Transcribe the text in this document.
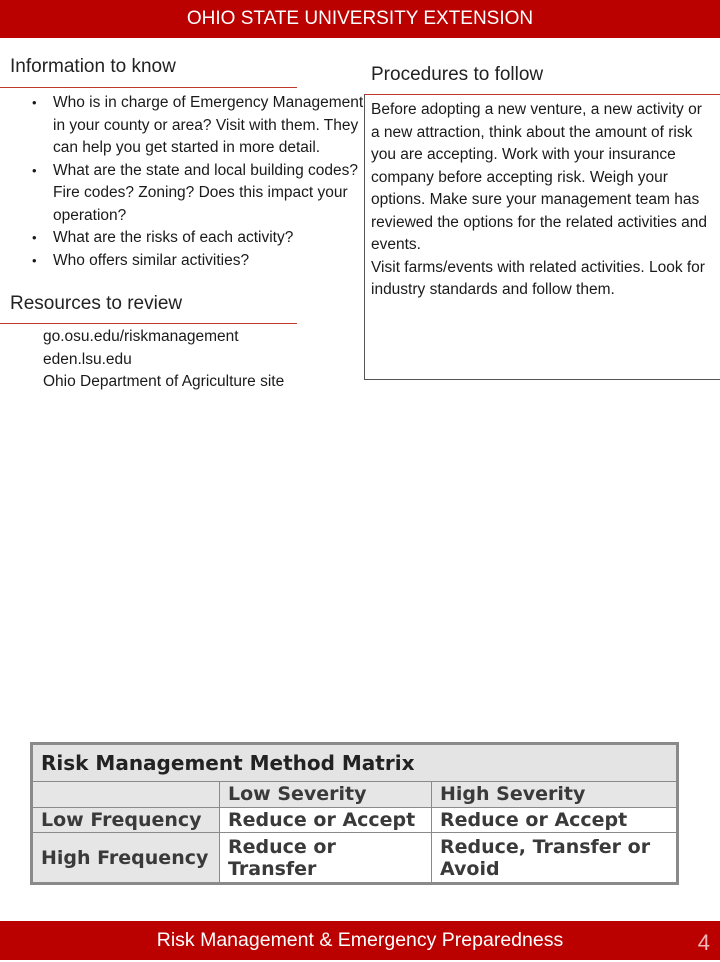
OHIO STATE UNIVERSITY EXTENSION
Information to know
• Who is in charge of Emergency Management in your county or area? Visit with them. They can help you get started in more detail.
• What are the state and local building codes? Fire codes? Zoning? Does this impact your operation?
• What are the risks of each activity?
• Who offers similar activities?
Resources to review
go.osu.edu/riskmanagement
eden.lsu.edu
Ohio Department of Agriculture site
Procedures to follow

Before adopting a new venture, a new activity or a new attraction, think about the amount of risk you are accepting. Work with your insurance company before accepting risk. Weigh your options. Make sure your management team has reviewed the options for the related activities and events.

Visit farms/events with related activities. Look for industry standards and follow them.

Risk Management Method Matrix		
	Low Severity	High Severity
Low Frequency	Reduce or Accept	Reduce or Accept
High Frequency	Reduce or Transfer	Reduce, Transfer or Avoid
Risk Management & Emergency Preparedness	4
